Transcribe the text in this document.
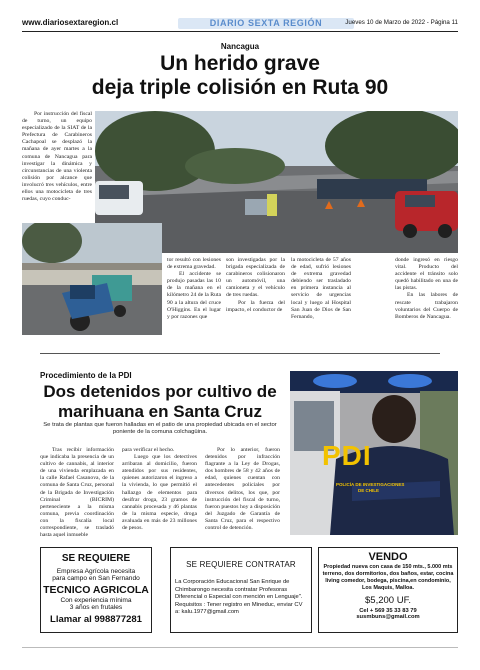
www.diariosextaregion.cl	DIARIO SEXTA REGIÓN	Jueves 10 de Marzo de 2022 - Página 11
Nancagua
Un herido grave
deja triple colisión en Ruta 90

Por instrucción del fiscal de turno, un equipo especializado de la SIAT de la Prefectura de Carabineros Cachapoal se desplazó la mañana de ayer martes a la comuna de Nancagua para investigar la dinámica y circunstancias de una violenta colisión por alcance que involucró tres vehículos, entre ellos una motocicleta de tres ruedas, cuyo conduc-

tor resultó con lesiones de extrema gravedad.

El accidente se produjo pasadas las 10 de la mañana en el kilómetro 24 de la Ruta 90 a la altura del cruce O'Higgins. En el lugar y por razones que

son investigadas por la brigada especializada de carabineros colisionaron un automóvil, una camioneta y el vehículo de tres ruedas.

Por la fuerza del impacto, el conductor de

la motocicleta de 57 años de edad, sufrió lesiones de extrema gravedad debiendo ser trasladado en primera instancia al servicio de urgencias local y luego al Hospital San Juan de Dios de San Fernando,

donde ingresó en riesgo vital. Producto del accidente el tránsito solo quedó habilitado en una de las pistas.

En las labores de rescate trabajaron voluntarios del Cuerpo de Bomberos de Nancagua.

Procedimiento de la PDI
Dos detenidos por cultivo de
marihuana en Santa Cruz
Se trata de plantas que fueron halladas en el patio de una propiedad ubicada en el sector poniente de la comuna colchagüina.

Tras recibir información que indicaba la presencia de un cultivo de cannabis, al interior de una vivienda emplazada en la calle Rafael Casanova, de la comuna de Santa Cruz, personal de la Brigada de Investigación Criminal (BICRIM) perteneciente a la misma comuna, previa coordinación con la fiscalía local correspondiente, se trasladó hasta aquel inmueble

para verificar el hecho.

Luego que los detectives arribaran al domicilio, fueron atendidos por sus residentes, quienes autorizaron el ingreso a la vivienda, lo que permitió el hallazgo de elementos para desifrar droga, 23 gramos de cannabis procesada y 46 plantas de la misma especie, droga avaluada en más de 23 millones de pesos.

Por lo anterior, fueron detenidos por infracción flagrante a la Ley de Drogas, dos hombres de 58 y 42 años de edad, quienes cuentan con antecedentes policiales por diversos delitos, los que, por instrucción del fiscal de turno, fueron puestos hoy a disposición del Juzgado de Garantía de Santa Cruz, para el respectivo control de detención.

PDI
POLICÍA DE INVESTIGACIONES
DE CHILE
SE REQUIERE
Empresa Agrícola necesita
para campo en San Fernando
TECNICO AGRICOLA
Con experiencia mínima
3 años en frutales
Llamar al 998877281
SE REQUIERE CONTRATAR
La Corporación Educacional San Enrique de Chimbarongo necesita contratar Profesoras Diferencial o Especial con mención en Lenguaje".
Requisitos : Tener registro en Mineduc, enviar CV a: kalu.1977@gmail.com
VENDO
Propiedad nueva con casa de 150 mts., 5.000 mts terreno, dos dormitorios, dos baños, estar, cocina living comedor, bodega, piscina,en condominio, Los Maquis, Malloa.
$5,200 UF.
Cel + 569 35 33 83 79
susmbuns@gmail.com
